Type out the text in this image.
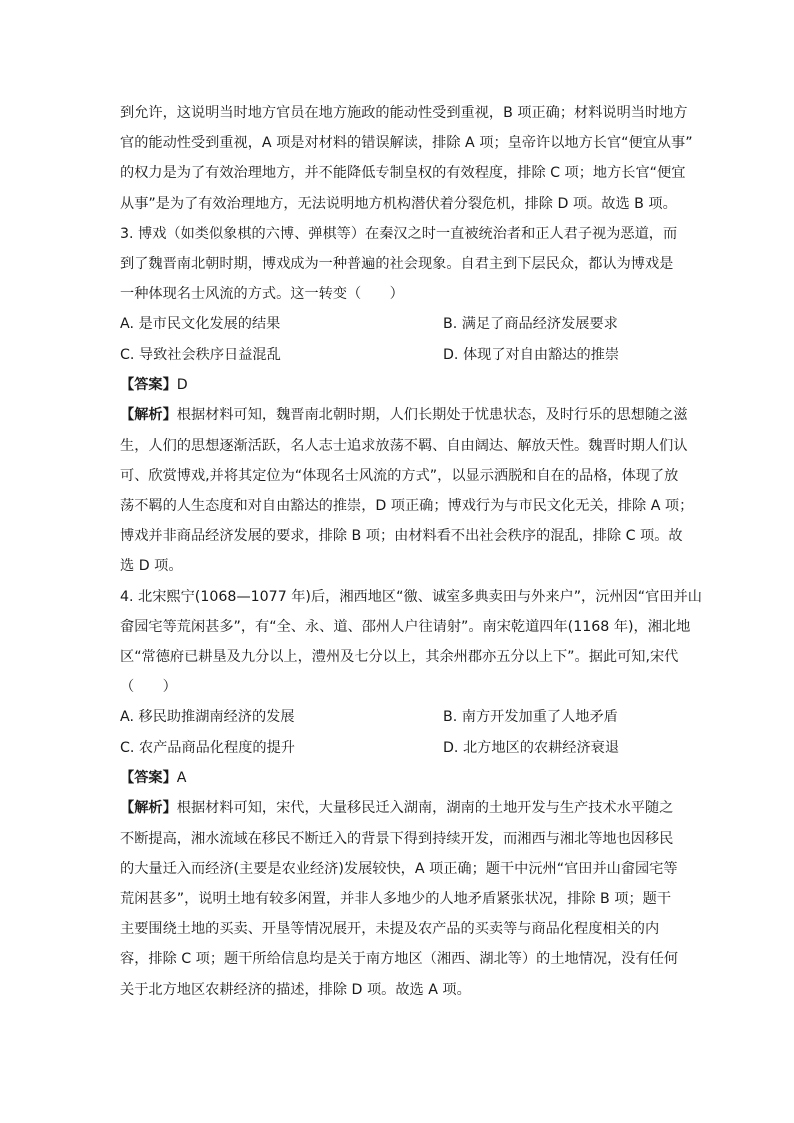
到允许，这说明当时地方官员在地方施政的能动性受到重视，B 项正确；材料说明当时地方

官的能动性受到重视，A 项是对材料的错误解读，排除 A 项；皇帝许以地方长官“便宜从事”

的权力是为了有效治理地方，并不能降低专制皇权的有效程度，排除 C 项；地方长官“便宜

从事”是为了有效治理地方，无法说明地方机构潜伏着分裂危机，排除 D 项。故选 B 项。

3. 博戏（如类似象棋的六博、弹棋等）在秦汉之时一直被统治者和正人君子视为恶道，而

到了魏晋南北朝时期，博戏成为一种普遍的社会现象。自君主到下层民众，都认为博戏是

一种体现名士风流的方式。这一转变（　　）

A. 是市民文化发展的结果	B. 满足了商品经济发展要求
C. 导致社会秩序日益混乱	D. 体现了对自由豁达的推崇

【答案】D

【解析】根据材料可知，魏晋南北朝时期，人们长期处于忧患状态，及时行乐的思想随之滋

生，人们的思想逐渐活跃，名人志士追求放荡不羁、自由阔达、解放天性。魏晋时期人们认

可、欣赏博戏,并将其定位为“体现名士风流的方式”，以显示洒脱和自在的品格，体现了放

荡不羁的人生态度和对自由豁达的推崇，D 项正确；博戏行为与市民文化无关，排除 A 项；

博戏并非商品经济发展的要求，排除 B 项；由材料看不出社会秩序的混乱，排除 C 项。故

选 D 项。

4. 北宋熙宁(1068—1077 年)后，湘西地区“徼、诚室多典卖田与外来户”，沅州因“官田并山

畲园宅等荒闲甚多”，有“全、永、道、邵州人户往请射”。南宋乾道四年(1168 年)，湘北地

区“常德府已耕垦及九分以上，澧州及七分以上，其余州郡亦五分以上下”。据此可知,宋代

（　　）

A. 移民助推湖南经济的发展	B. 南方开发加重了人地矛盾
C. 农产品商品化程度的提升	D. 北方地区的农耕经济衰退

【答案】A

【解析】根据材料可知，宋代，大量移民迁入湖南，湖南的土地开发与生产技术水平随之

不断提高，湘水流域在移民不断迁入的背景下得到持续开发，而湘西与湘北等地也因移民

的大量迁入而经济(主要是农业经济)发展较快，A 项正确；题干中沅州“官田并山畲园宅等

荒闲甚多”，说明土地有较多闲置，并非人多地少的人地矛盾紧张状况，排除 B 项；题干

主要围绕土地的买卖、开垦等情况展开，未提及农产品的买卖等与商品化程度相关的内

容，排除 C 项；题干所给信息均是关于南方地区（湘西、湖北等）的土地情况，没有任何

关于北方地区农耕经济的描述，排除 D 项。故选 A 项。
